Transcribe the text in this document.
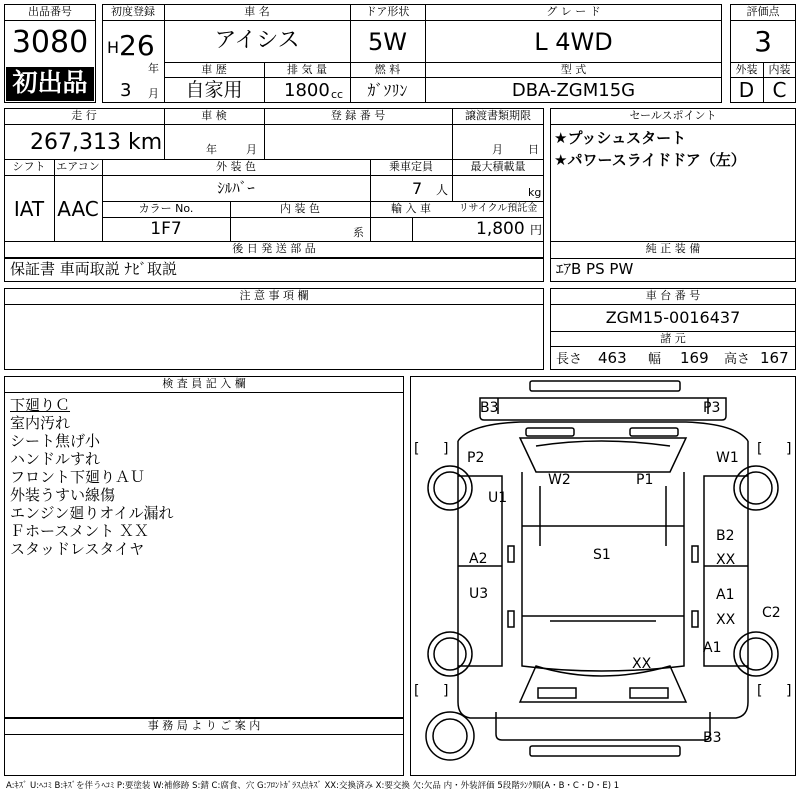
出品番号
3080
初出品
初度登録
H 26
年
3 月
車 名
アイシス
ドア形状
5W
グ レ ー ド
L 4WD
車 歴
自家用
排 気 量
1800 cc
燃 料
ｶﾞｿﾘﾝ
型 式
DBA-ZGM15G
評価点
3
外装	内装
D C
走 行
267,313 km
車 検
年	月
登 録 番 号	譲渡書類期限
月 日
シフト
IAT
エアコン
AAC
外 装 色
ｼﾙﾊﾞｰ
乗車定員
7 人
最大積載量
kg
カラー No.
1F7
内 装 色
系
輸 入 車	リサイクル預託金
1,800 円
後 日 発 送 部 品
保証書 車両取説 ﾅﾋﾞ取説
セールスポイント
★プッシュスタート
★パワースライドドア（左）
純 正 装 備
ｴｱB PS PW
注 意 事 項 欄	車 台 番 号
ZGM15-0016437
諸 元
長さ 463 幅 169 高さ 167
検 査 員 記 入 欄
下廻りＣ
室内汚れ
シート焦げ小
ハンドルすれ
フロント下廻りＡＵ
外装うすい線傷
エンジン廻りオイル漏れ
Ｆホースメント ＸＸ
スタッドレスタイヤ
事 務 局 よ り ご 案 内
B3	P3
P2	W1
W2	P1
U1
B2
A2	S1	XX
U3	A1
XX C2
A1
XX
B3
[ ]	[ ]
[ ]	[ ]
A:ｷｽﾞ U:ﾍｺﾐ B:ｷｽﾞを伴うﾍｺﾐ P:要塗装 W:補修跡 S:錆 C:腐食、穴 G:ﾌﾛﾝﾄｶﾞﾗｽ点ｷｽﾞ XX:交換済み X:要交換 欠:欠品 内・外装評価 5段階ﾗﾝｸ順(A・B・C・D・E) 1
